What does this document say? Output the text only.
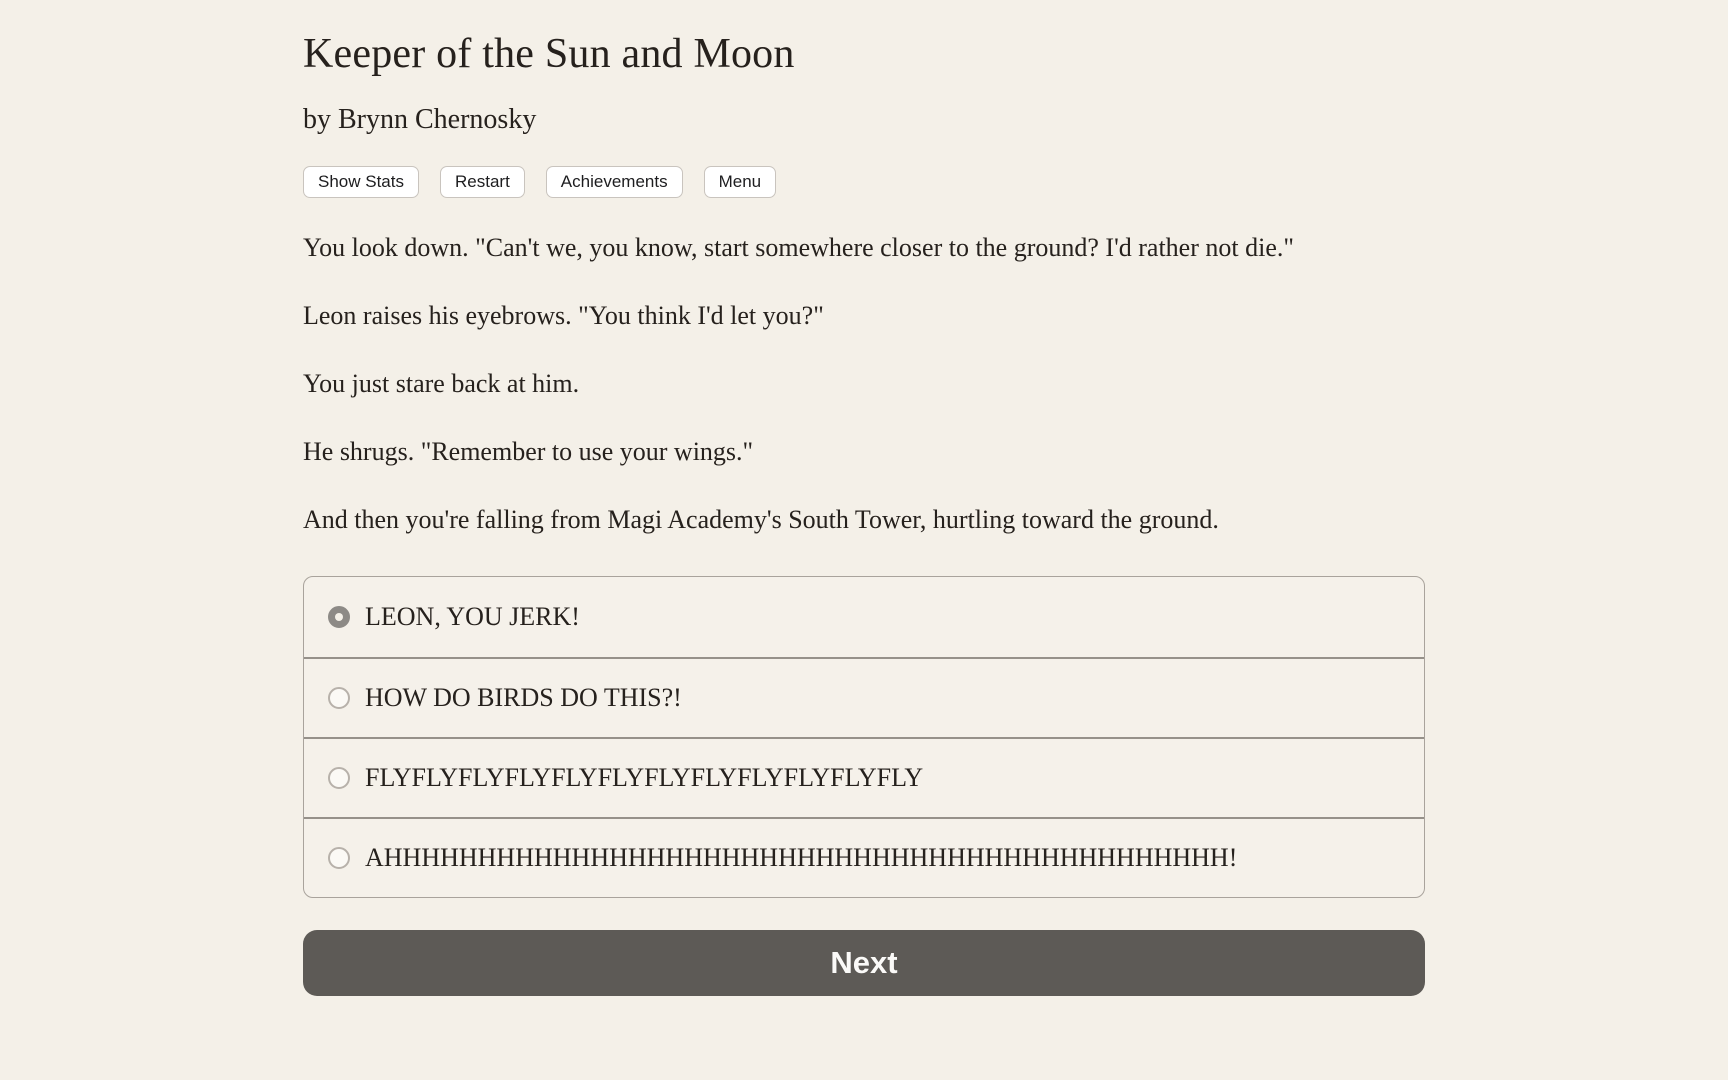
Keeper of the Sun and Moon
by Brynn Chernosky
Show Stats	Restart	Achievements	Menu

You look down. "Can't we, you know, start somewhere closer to the ground? I'd rather not die."

Leon raises his eyebrows. "You think I'd let you?"

You just stare back at him.

He shrugs. "Remember to use your wings."

And then you're falling from Magi Academy's South Tower, hurtling toward the ground.

LEON, YOU JERK!
HOW DO BIRDS DO THIS?!
FLYFLYFLYFLYFLYFLYFLYFLYFLYFLYFLYFLY
AHHHHHHHHHHHHHHHHHHHHHHHHHHHHHHHHHHHHHHHHHHHHH!
Next
